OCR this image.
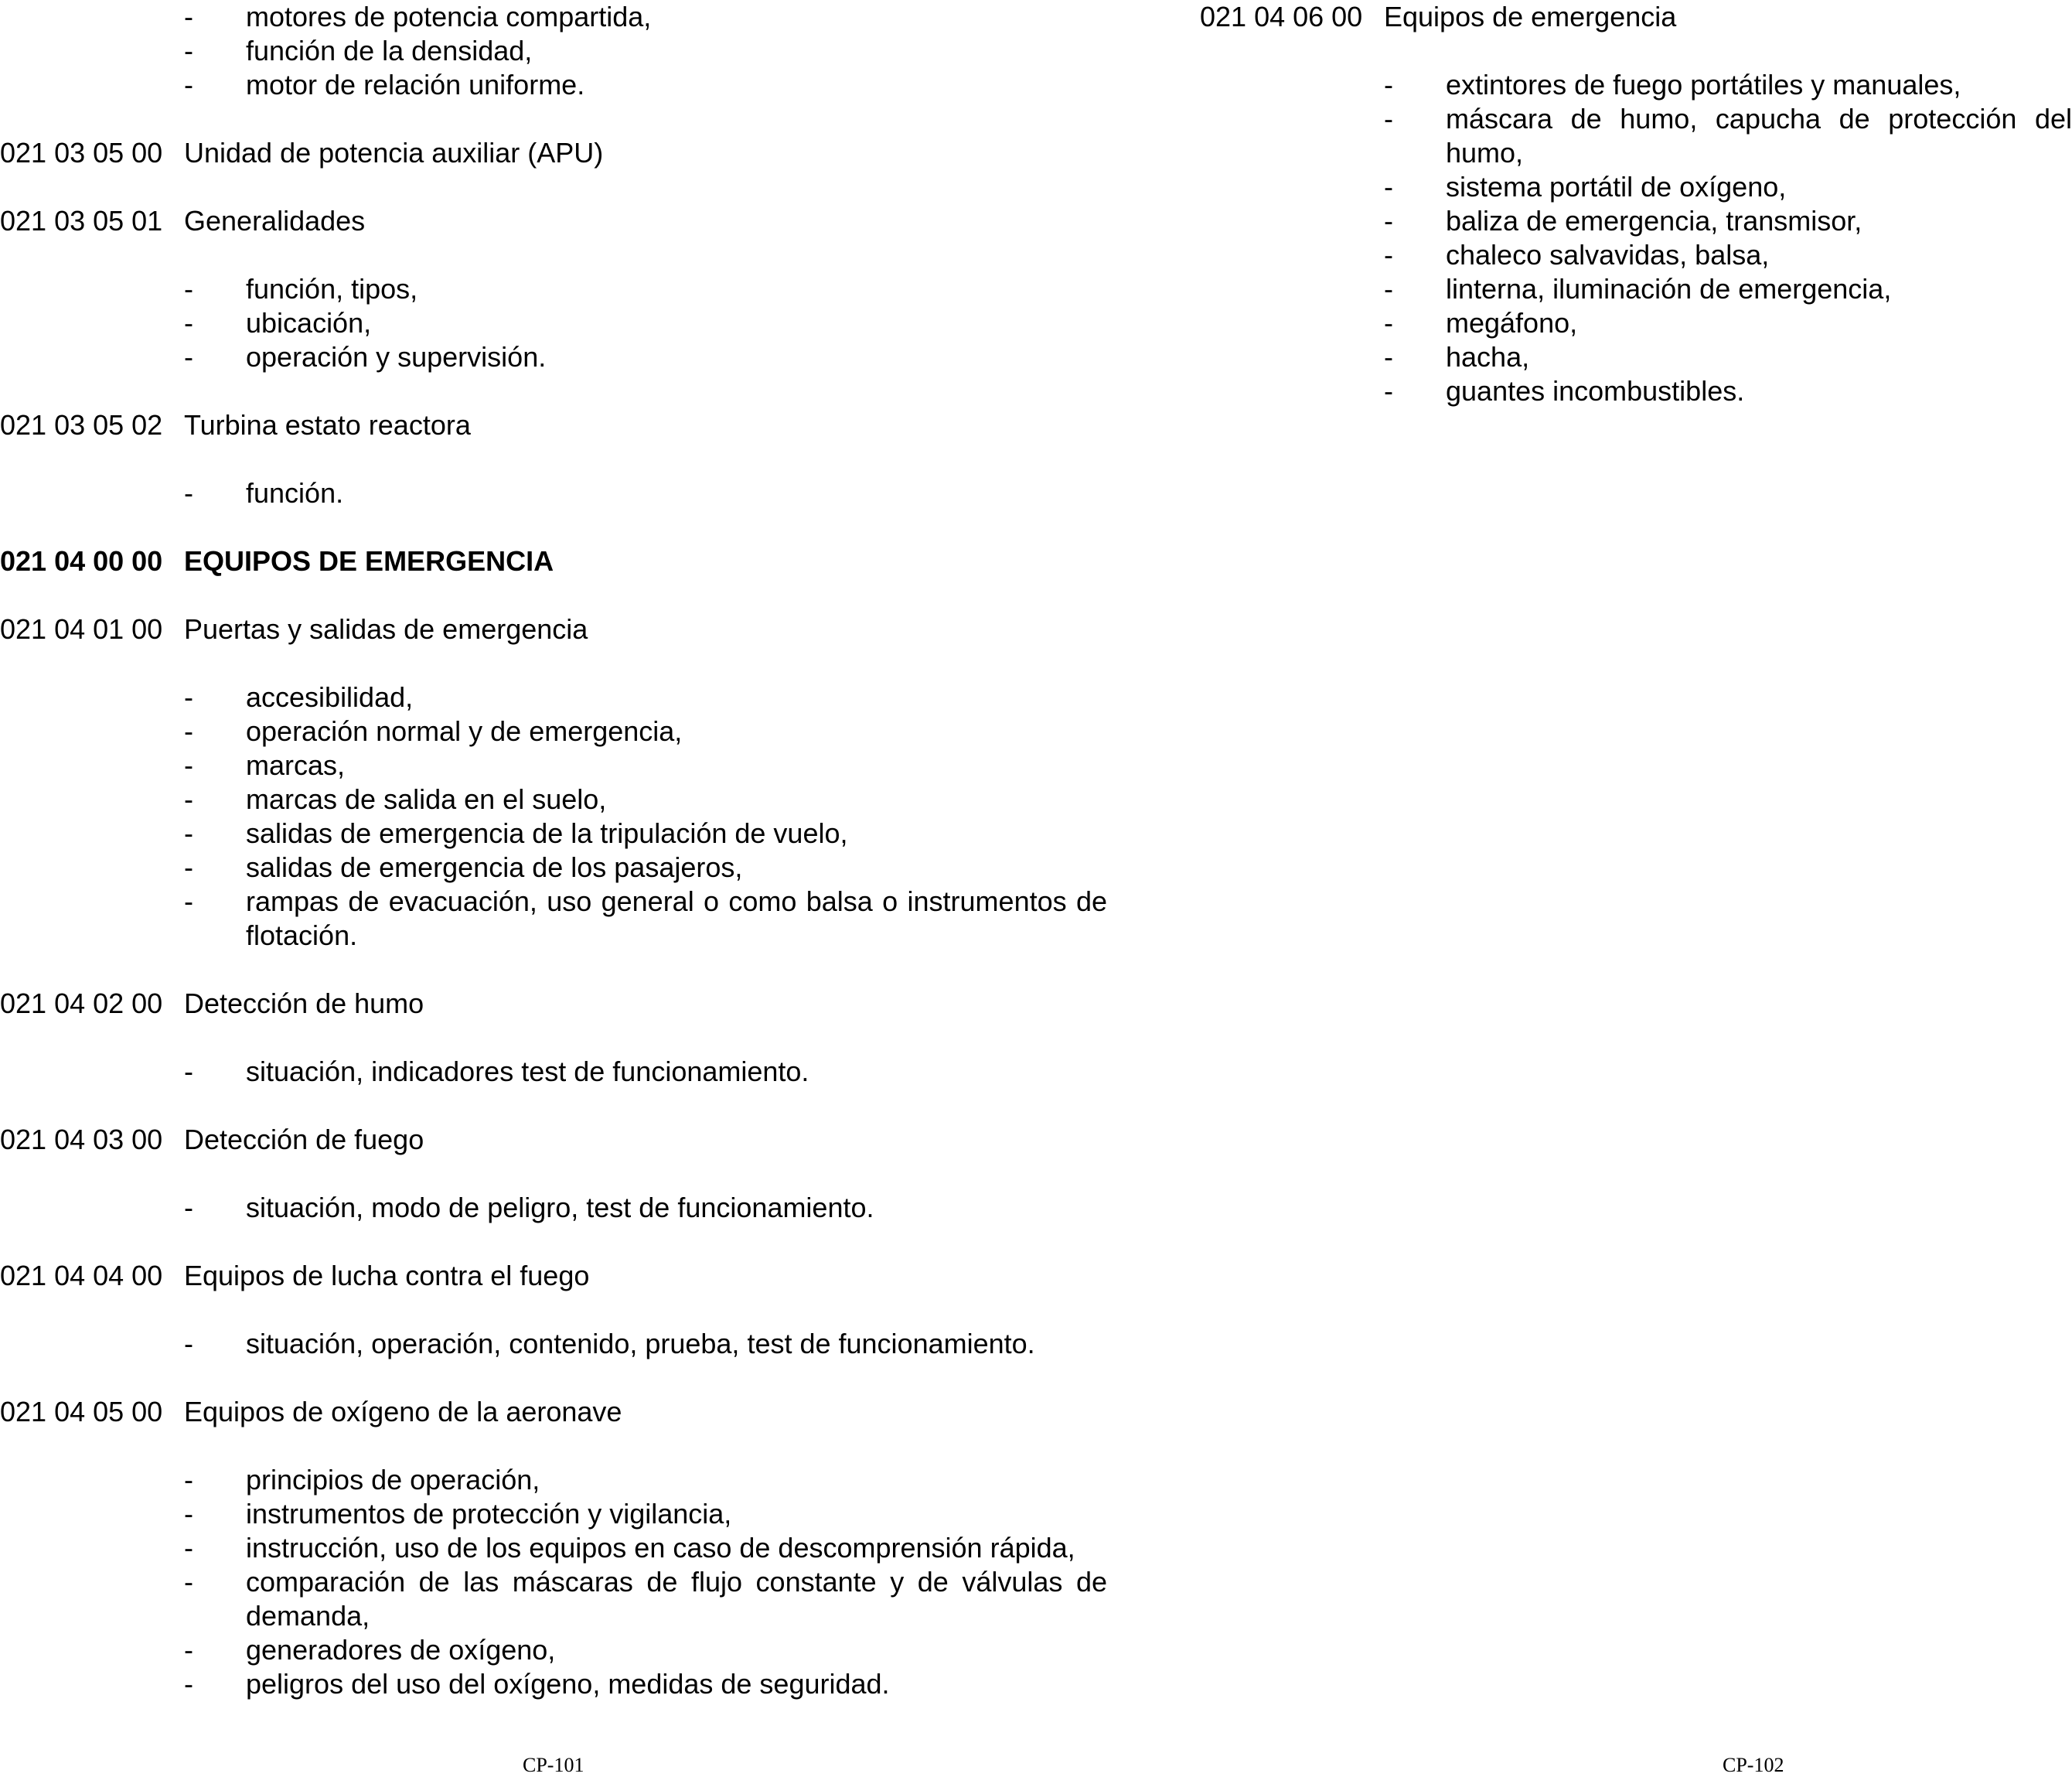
-	motores de potencia compartida,
-	función de la densidad,
-	motor de relación uniforme.
021 03 05 00 Unidad de potencia auxiliar (APU)
021 03 05 01 Generalidades
-	función, tipos,
-	ubicación,
-	operación y supervisión.
021 03 05 02 Turbina estato reactora
-	función.
021 04 00 00 EQUIPOS DE EMERGENCIA
021 04 01 00 Puertas y salidas de emergencia
-	accesibilidad,
-	operación normal y de emergencia,
-	marcas,
-	marcas de salida en el suelo,
-	salidas de emergencia de la tripulación de vuelo,
-	salidas de emergencia de los pasajeros,
-	rampas de evacuación, uso general o como balsa o instrumentos de flotación.
021 04 02 00 Detección de humo
-	situación, indicadores test de funcionamiento.
021 04 03 00 Detección de fuego
-	situación, modo de peligro, test de funcionamiento.
021 04 04 00 Equipos de lucha contra el fuego
-	situación, operación, contenido, prueba, test de funcionamiento.
021 04 05 00 Equipos de oxígeno de la aeronave
-	principios de operación,
-	instrumentos de protección y vigilancia,
-	instrucción, uso de los equipos en caso de descomprensión rápida,
-	comparación de las máscaras de flujo constante y de válvulas de demanda,
-	generadores de oxígeno,
-	peligros del uso del oxígeno, medidas de seguridad.
021 04 06 00 Equipos de emergencia
-	extintores de fuego portátiles y manuales,
-	máscara de humo, capucha de protección del humo,
-	sistema portátil de oxígeno,
-	baliza de emergencia, transmisor,
-	chaleco salvavidas, balsa,
-	linterna, iluminación de emergencia,
-	megáfono,
-	hacha,
-	guantes incombustibles.
CP-101	CP-102
